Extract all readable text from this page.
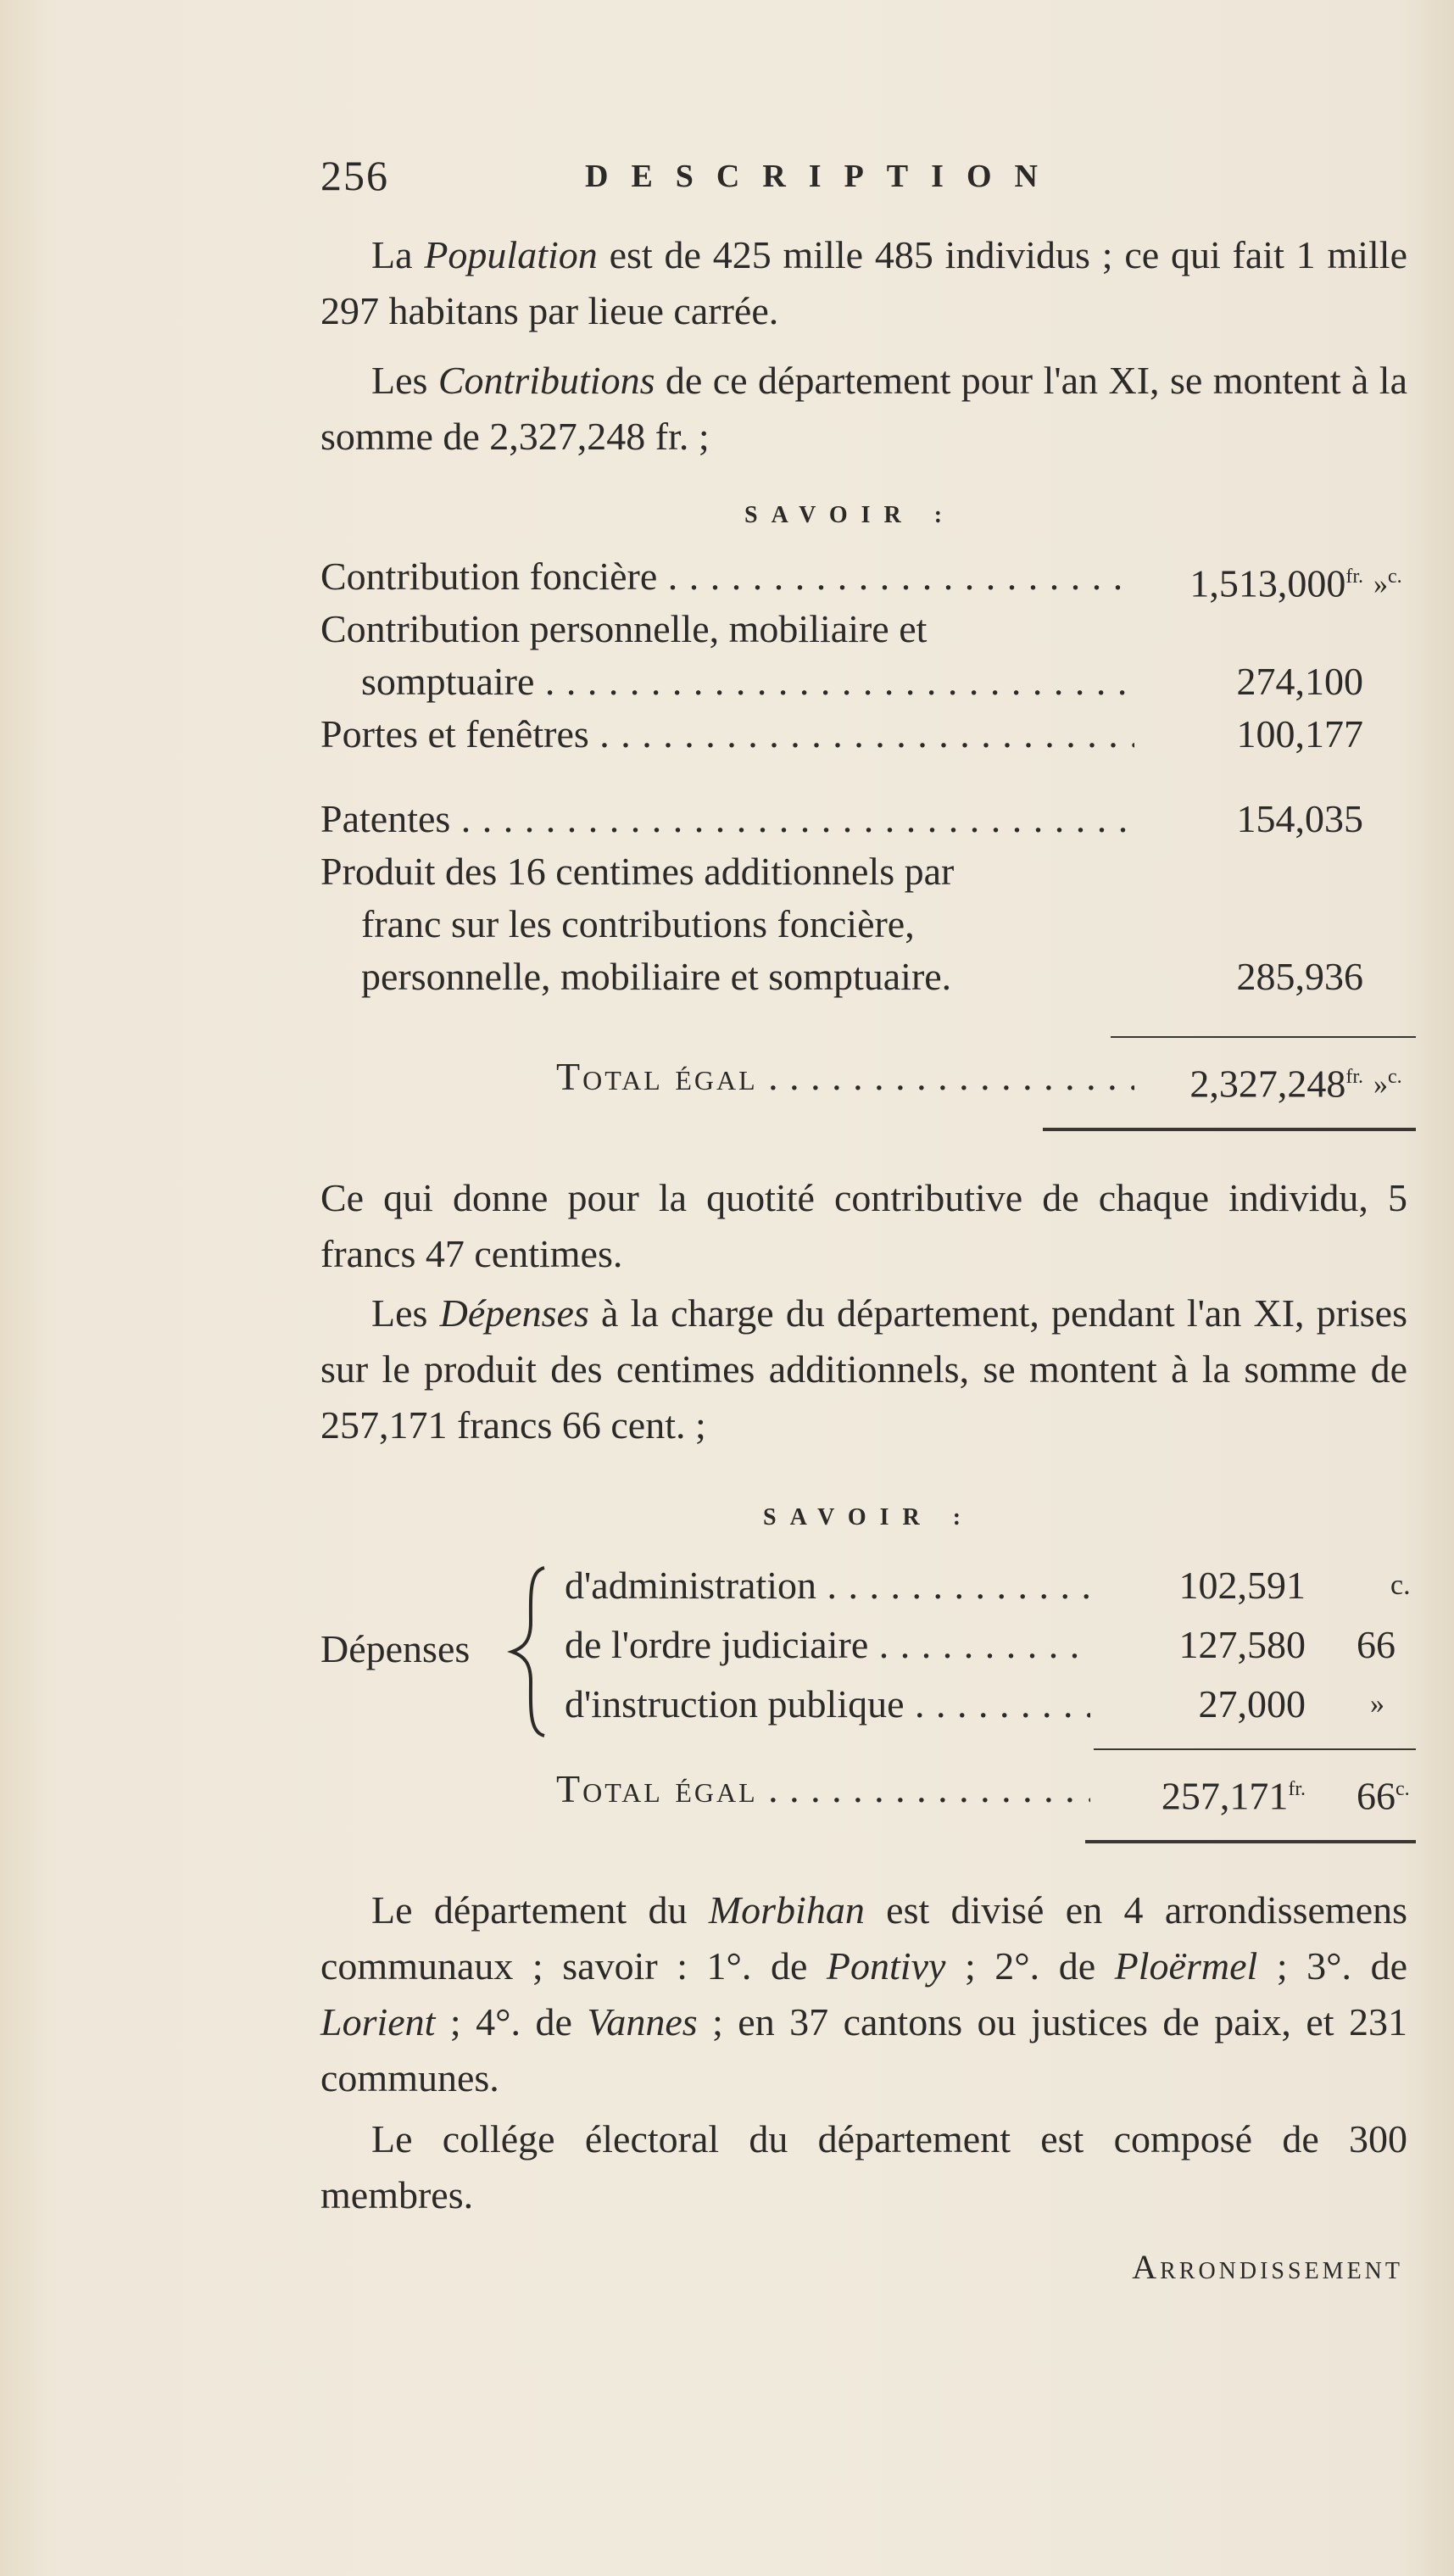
256	DESCRIPTION

La Population est de 425 mille 485 individus ; ce qui fait 1 mille 297 habitans par lieue carrée.

Les Contributions de ce département pour l'an XI, se montent à la somme de 2,327,248 fr. ;

SAVOIR :
Contribution foncière . . .	$1,513,000^{fr.}$ »$^{c.}$
Contribution personnelle, mobiliaire et
somptuaire . . .	274,100
Portes et fenêtres . . .	100,177
Patentes . . .	154,035
Produit des 16 centimes additionnels par
franc sur les contributions foncière,
personnelle, mobiliaire et somptuaire.	285,936
Total égal . . .	$2,327,248^{fr.}$ »$^{c.}$

Ce qui donne pour la quotité contributive de chaque individu, 5 francs 47 centimes.

Les Dépenses à la charge du département, pendant l'an XI, prises sur le produit des centimes additionnels, se montent à la somme de 257,171 francs 66 cent. ;

SAVOIR :
Dépenses
d'administration . . .	102,591	c.
de l'ordre judiciaire . . .	127,580 66
d'instruction publique . . .	27,000 »
Total égal . . .	$257,171^{fr.}$ $66^{c.}$

Le département du Morbihan est divisé en 4 arrondissemens communaux ; savoir : 1°. de Pontivy ; 2°. de Ploërmel ; 3°. de Lorient ; 4°. de Vannes ; en 37 cantons ou justices de paix, et 231 communes.

Le collége électoral du département est composé de 300 membres.

Arrondissement
